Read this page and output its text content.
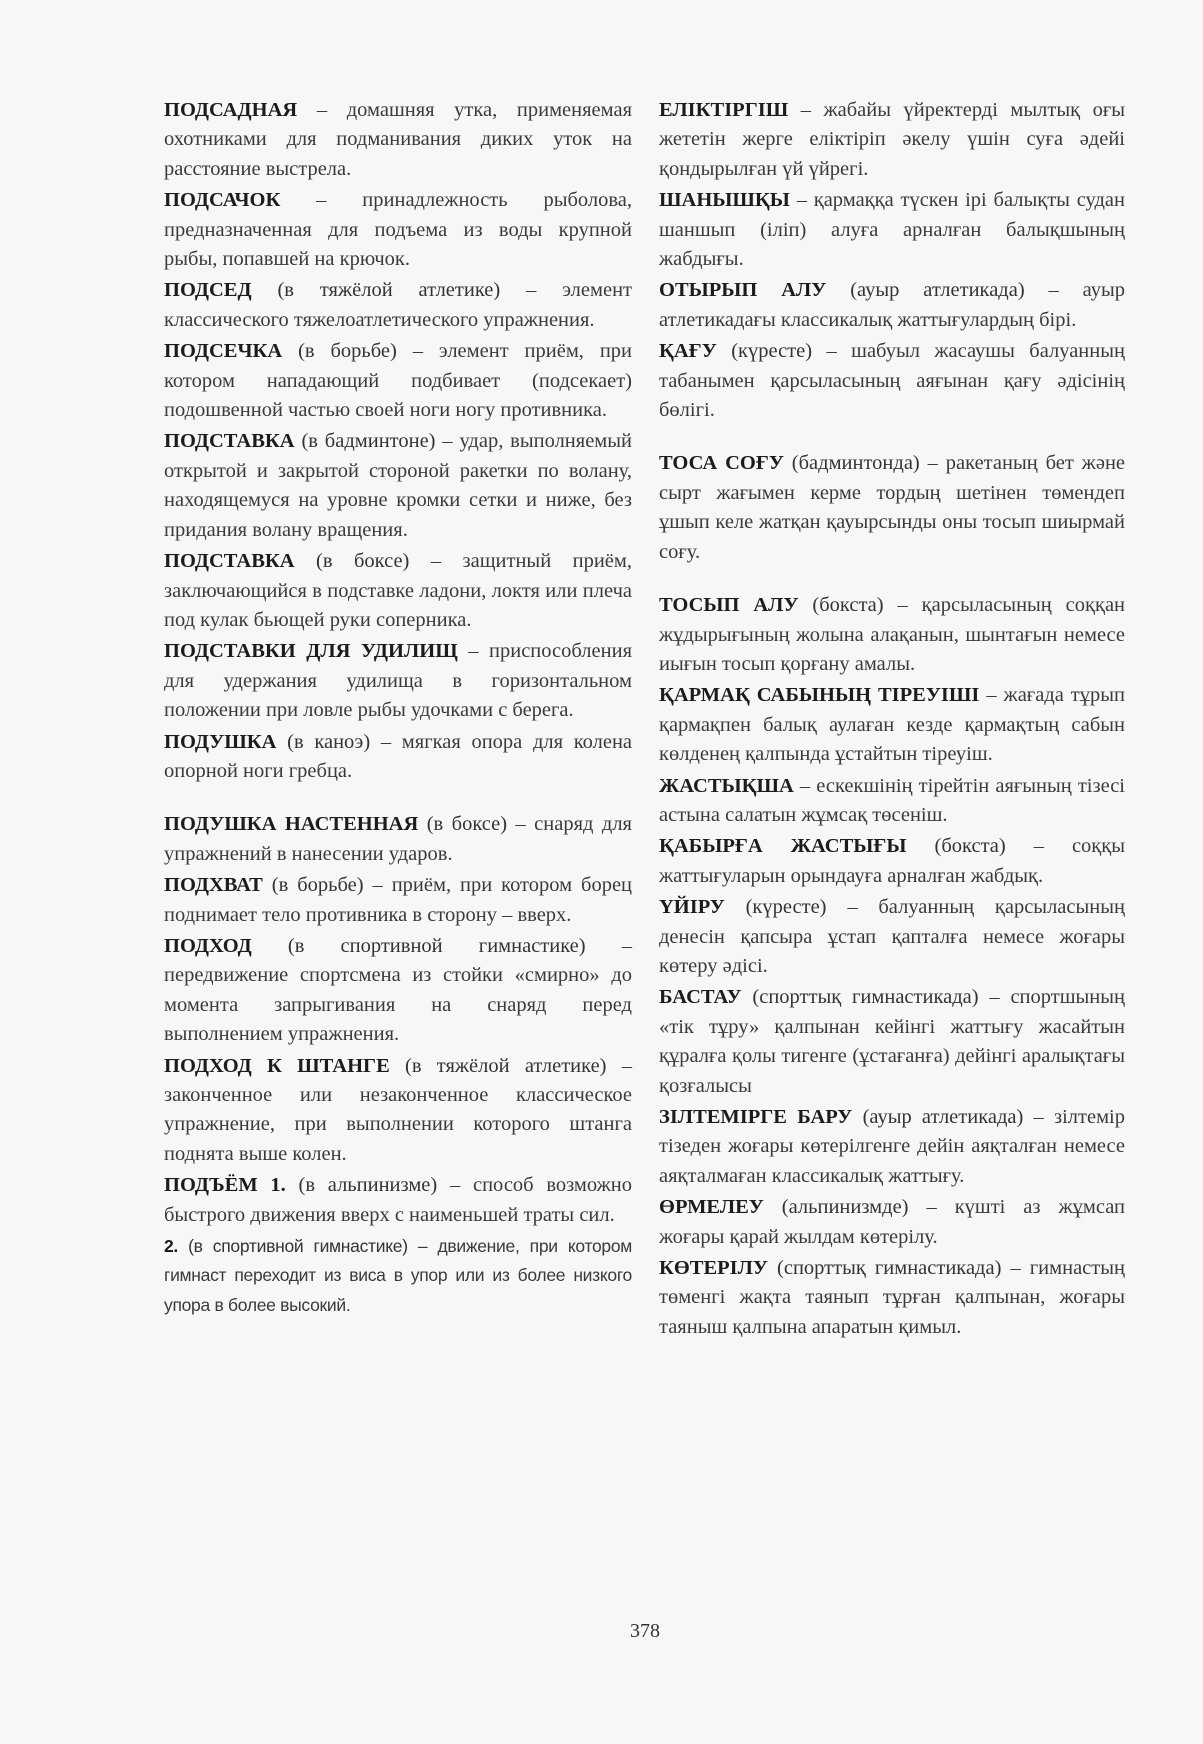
ПОДСАДНАЯ – домашняя утка, применяемая охотниками для подманивания диких уток на расстояние выстрела.

ПОДСАЧОК – принадлежность рыболова, предназначенная для подъема из воды крупной рыбы, попавшей на крючок.

ПОДСЕД (в тяжёлой атлетике) – элемент классического тяжелоатлетического упражнения.

ПОДСЕЧКА (в борьбе) – элемент приём, при котором нападающий подбивает (подсекает) подошвенной частью своей ноги ногу противника.

ПОДСТАВКА (в бадминтоне) – удар, выполняемый открытой и закрытой стороной ракетки по волану, находящемуся на уровне кромки сетки и ниже, без придания волану вращения.

ПОДСТАВКА (в боксе) – защитный приём, заключающийся в подставке ладони, локтя или плеча под кулак бьющей руки соперника.

ПОДСТАВКИ ДЛЯ УДИЛИЩ – приспособления для удержания удилища в горизонтальном положении при ловле рыбы удочками с берега.

ПОДУШКА (в каноэ) – мягкая опора для колена опорной ноги гребца.

ПОДУШКА НАСТЕННАЯ (в боксе) – снаряд для упражнений в нанесении ударов.

ПОДХВАТ (в борьбе) – приём, при котором борец поднимает тело противника в сторону – вверх.

ПОДХОД (в спортивной гимнастике) – передвижение спортсмена из стойки «смирно» до момента запрыгивания на снаряд перед выполнением упражнения.

ПОДХОД К ШТАНГЕ (в тяжёлой атлетике) – законченное или незаконченное классическое упражнение, при выполнении которого штанга поднята выше колен.

ПОДЪЁМ 1. (в альпинизме) – способ возможно быстрого движения вверх с наименьшей траты сил.

2. (в спортивной гимнастике) – движение, при котором гимнаст переходит из виса в упор или из более низкого упора в более высокий.

ЕЛІКТІРГІШ – жабайы үйректерді мылтық оғы жететін жерге еліктіріп әкелу үшін суға әдейі қондырылған үй үйрегі.

ШАНЫШҚЫ – қармаққа түскен ірі балықты судан шаншып (іліп) алуға арналған балықшының жабдығы.

ОТЫРЫП АЛУ (ауыр атлетикада) – ауыр атлетикадағы классикалық жаттығулардың бірі.

ҚАҒУ (күресте) – шабуыл жасаушы балуанның табанымен қарсыласының аяғынан қағу әдісінің бөлігі.

ТОСА СОҒУ (бадминтонда) – ракетаның бет және сырт жағымен керме тордың шетінен төмендеп ұшып келе жатқан қауырсынды оны тосып шиырмай соғу.

ТОСЫП АЛУ (бокста) – қарсыласының соққан жұдырығының жолына алақанын, шынтағын немесе иығын тосып қорғану амалы.

ҚАРМАҚ САБЫНЫҢ ТІРЕУІШІ – жағада тұрып қармақпен балық аулаған кезде қармақтың сабын көлденең қалпында ұстайтын тіреуіш.

ЖАСТЫҚША – ескекшінің тірейтін аяғының тізесі астына салатын жұмсақ төсеніш.

ҚАБЫРҒА ЖАСТЫҒЫ (бокста) – соққы жаттығуларын орындауға арналған жабдық.

ҮЙІРУ (күресте) – балуанның қарсыласының денесін қапсыра ұстап қапталға немесе жоғары көтеру әдісі.

БАСТАУ (спорттық гимнастикада) – спортшының «тік тұру» қалпынан кейінгі жаттығу жасайтын құралға қолы тигенге (ұстағанға) дейінгі аралықтағы қозғалысы

ЗІЛТЕМІРГЕ БАРУ (ауыр атлетикада) – зілтемір тізеден жоғары көтерілгенге дейін аяқталған немесе аяқталмаған классикалық жаттығу.

ӨРМЕЛЕУ (альпинизмде) – күшті аз жұмсап жоғары қарай жылдам көтерілу.

КӨТЕРІЛУ (спорттық гимнастикада) – гимнастың төменгі жақта таянып тұрған қалпынан, жоғары таяныш қалпына апаратын қимыл.

378
